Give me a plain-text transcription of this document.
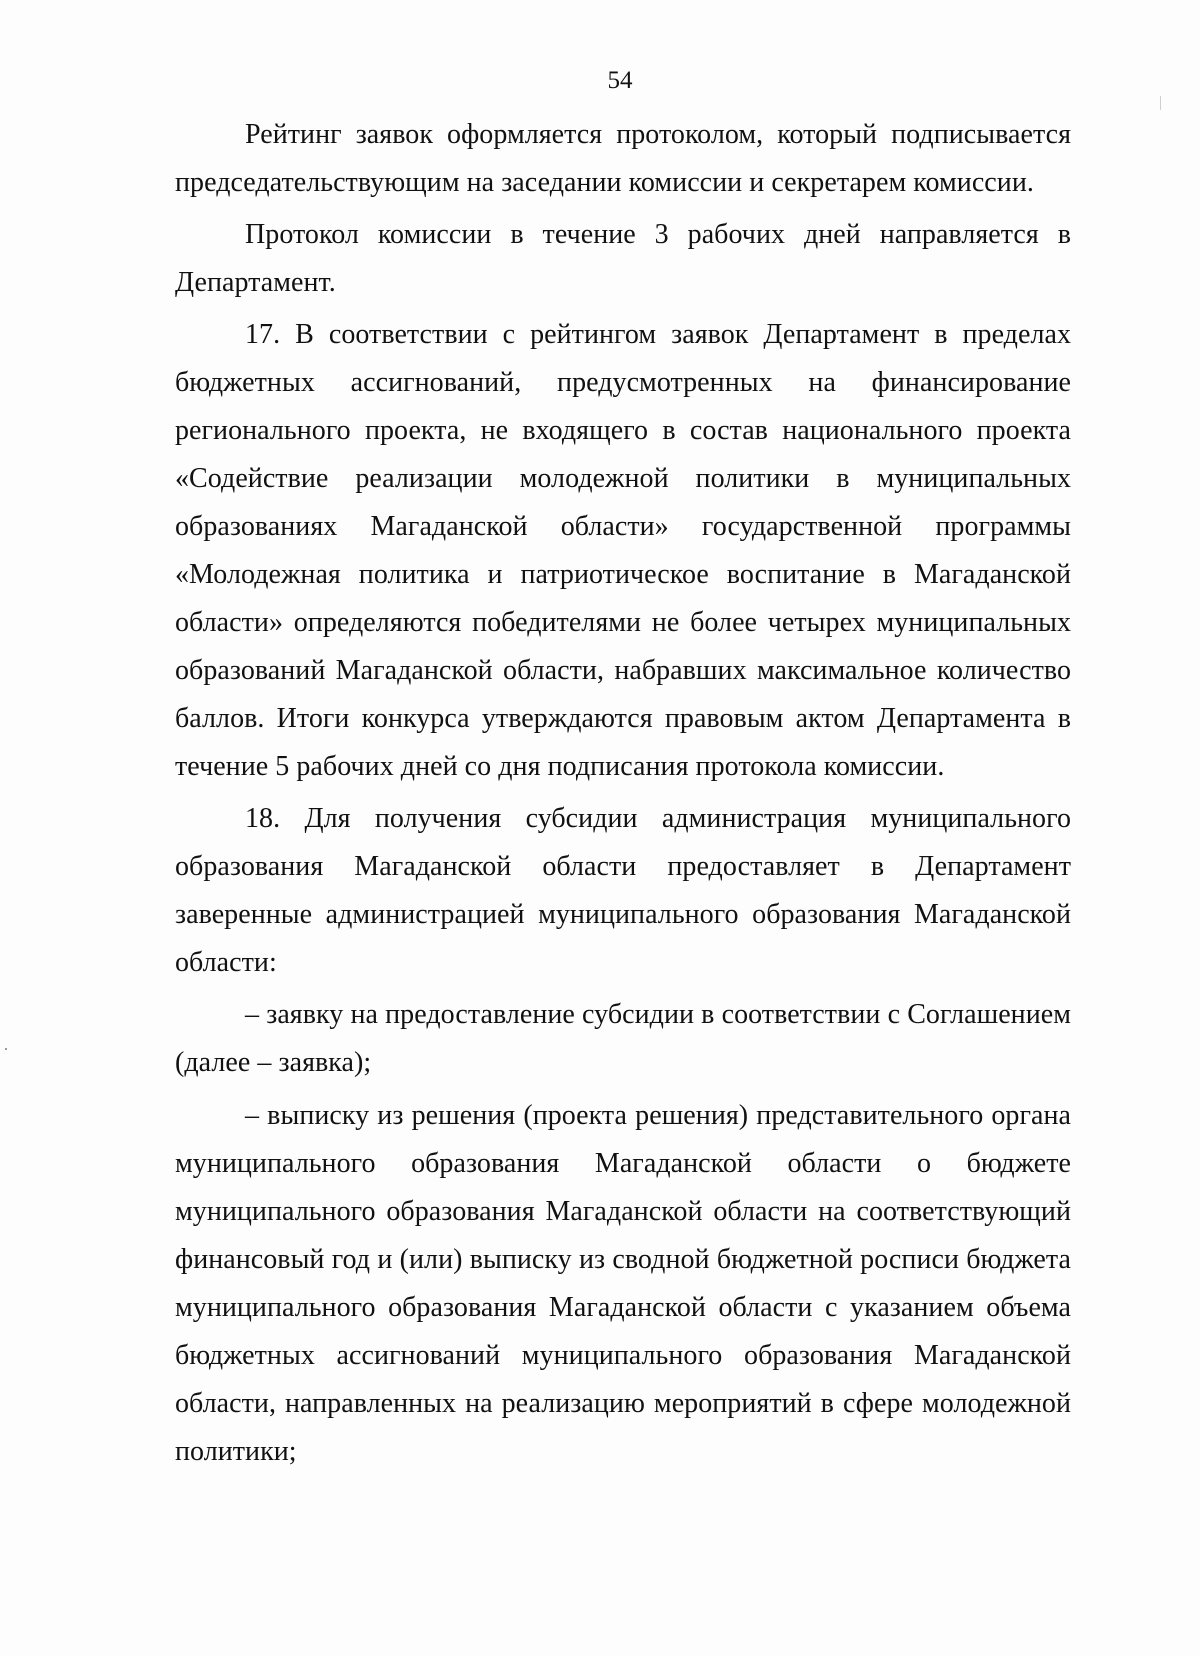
54

Рейтинг заявок оформляется протоколом, который подписывается председательствующим на заседании комиссии и секретарем комиссии.

Протокол комиссии в течение 3 рабочих дней направляется в Департамент.

17. В соответствии с рейтингом заявок Департамент в пределах бюджетных ассигнований, предусмотренных на финансирование регионального проекта, не входящего в состав национального проекта «Содействие реализации молодежной политики в муниципальных образованиях Магаданской области» государственной программы «Молодежная политика и патриотическое воспитание в Магаданской области» определяются победителями не более четырех муниципальных образований Магаданской области, набравших максимальное количество баллов. Итоги конкурса утверждаются правовым актом Департамента в течение 5 рабочих дней со дня подписания протокола комиссии.

18. Для получения субсидии администрация муниципального образования Магаданской области предоставляет в Департамент заверенные администрацией муниципального образования Магаданской области:

– заявку на предоставление субсидии в соответствии с Соглашением (далее – заявка);

– выписку из решения (проекта решения) представительного органа муниципального образования Магаданской области о бюджете муниципального образования Магаданской области на соответствующий финансовый год и (или) выписку из сводной бюджетной росписи бюджета муниципального образования Магаданской области с указанием объема бюджетных ассигнований муниципального образования Магаданской области, направленных на реализацию мероприятий в сфере молодежной политики;
